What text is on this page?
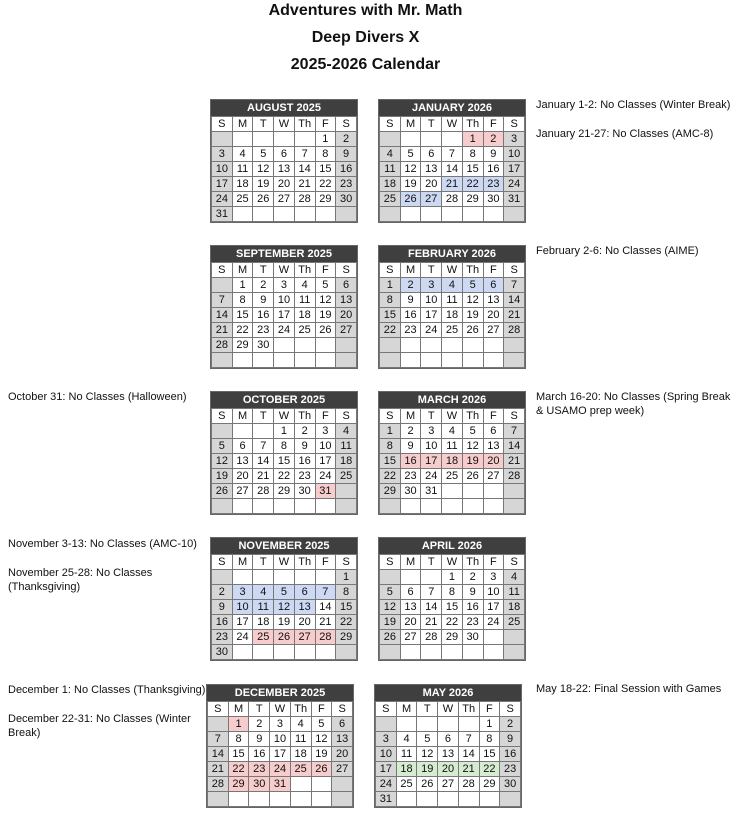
Adventures with Mr. Math
Deep Divers X
2025-2026 Calendar
October 31: No Classes (Halloween)
November 3-13: No Classes (AMC-10)
November 25-28: No Classes (Thanksgiving)
December 1: No Classes (Thanksgiving)
December 22-31: No Classes (Winter Break)
January 1-2: No Classes (Winter Break)
January 21-27: No Classes (AMC-8)
February 2-6: No Classes (AIME)
March 16-20: No Classes (Spring Break & USAMO prep week)
May 18-22: Final Session with Games
AUGUST 2025
S	M	T	W	Th	F	S
					1	2
3	4	5	6	7	8	9
10	11	12	13	14	15	16
17	18	19	20	21	22	23
24	25	26	27	28	29	30
31						
JANUARY 2026
S	M	T	W	Th	F	S
				1	2	3
4	5	6	7	8	9	10
11	12	13	14	15	16	17
18	19	20	21	22	23	24
25	26	27	28	29	30	31

SEPTEMBER 2025
S	M	T	W	Th	F	S
	1	2	3	4	5	6
7	8	9	10	11	12	13
14	15	16	17	18	19	20
21	22	23	24	25	26	27
28	29	30				

FEBRUARY 2026
S	M	T	W	Th	F	S
1	2	3	4	5	6	7
8	9	10	11	12	13	14
15	16	17	18	19	20	21
22	23	24	25	26	27	28

OCTOBER 2025
S	M	T	W	Th	F	S
			1	2	3	4
5	6	7	8	9	10	11
12	13	14	15	16	17	18
19	20	21	22	23	24	25
26	27	28	29	30	31	

MARCH 2026
S	M	T	W	Th	F	S
1	2	3	4	5	6	7
8	9	10	11	12	13	14
15	16	17	18	19	20	21
22	23	24	25	26	27	28
29	30	31				

NOVEMBER 2025
S	M	T	W	Th	F	S
						1
2	3	4	5	6	7	8
9	10	11	12	13	14	15
16	17	18	19	20	21	22
23	24	25	26	27	28	29
30						
APRIL 2026
S	M	T	W	Th	F	S
			1	2	3	4
5	6	7	8	9	10	11
12	13	14	15	16	17	18
19	20	21	22	23	24	25
26	27	28	29	30		

DECEMBER 2025
S	M	T	W	Th	F	S
	1	2	3	4	5	6
7	8	9	10	11	12	13
14	15	16	17	18	19	20
21	22	23	24	25	26	27
28	29	30	31			

MAY 2026
S	M	T	W	Th	F	S
					1	2
3	4	5	6	7	8	9
10	11	12	13	14	15	16
17	18	19	20	21	22	23
24	25	26	27	28	29	30
31						
